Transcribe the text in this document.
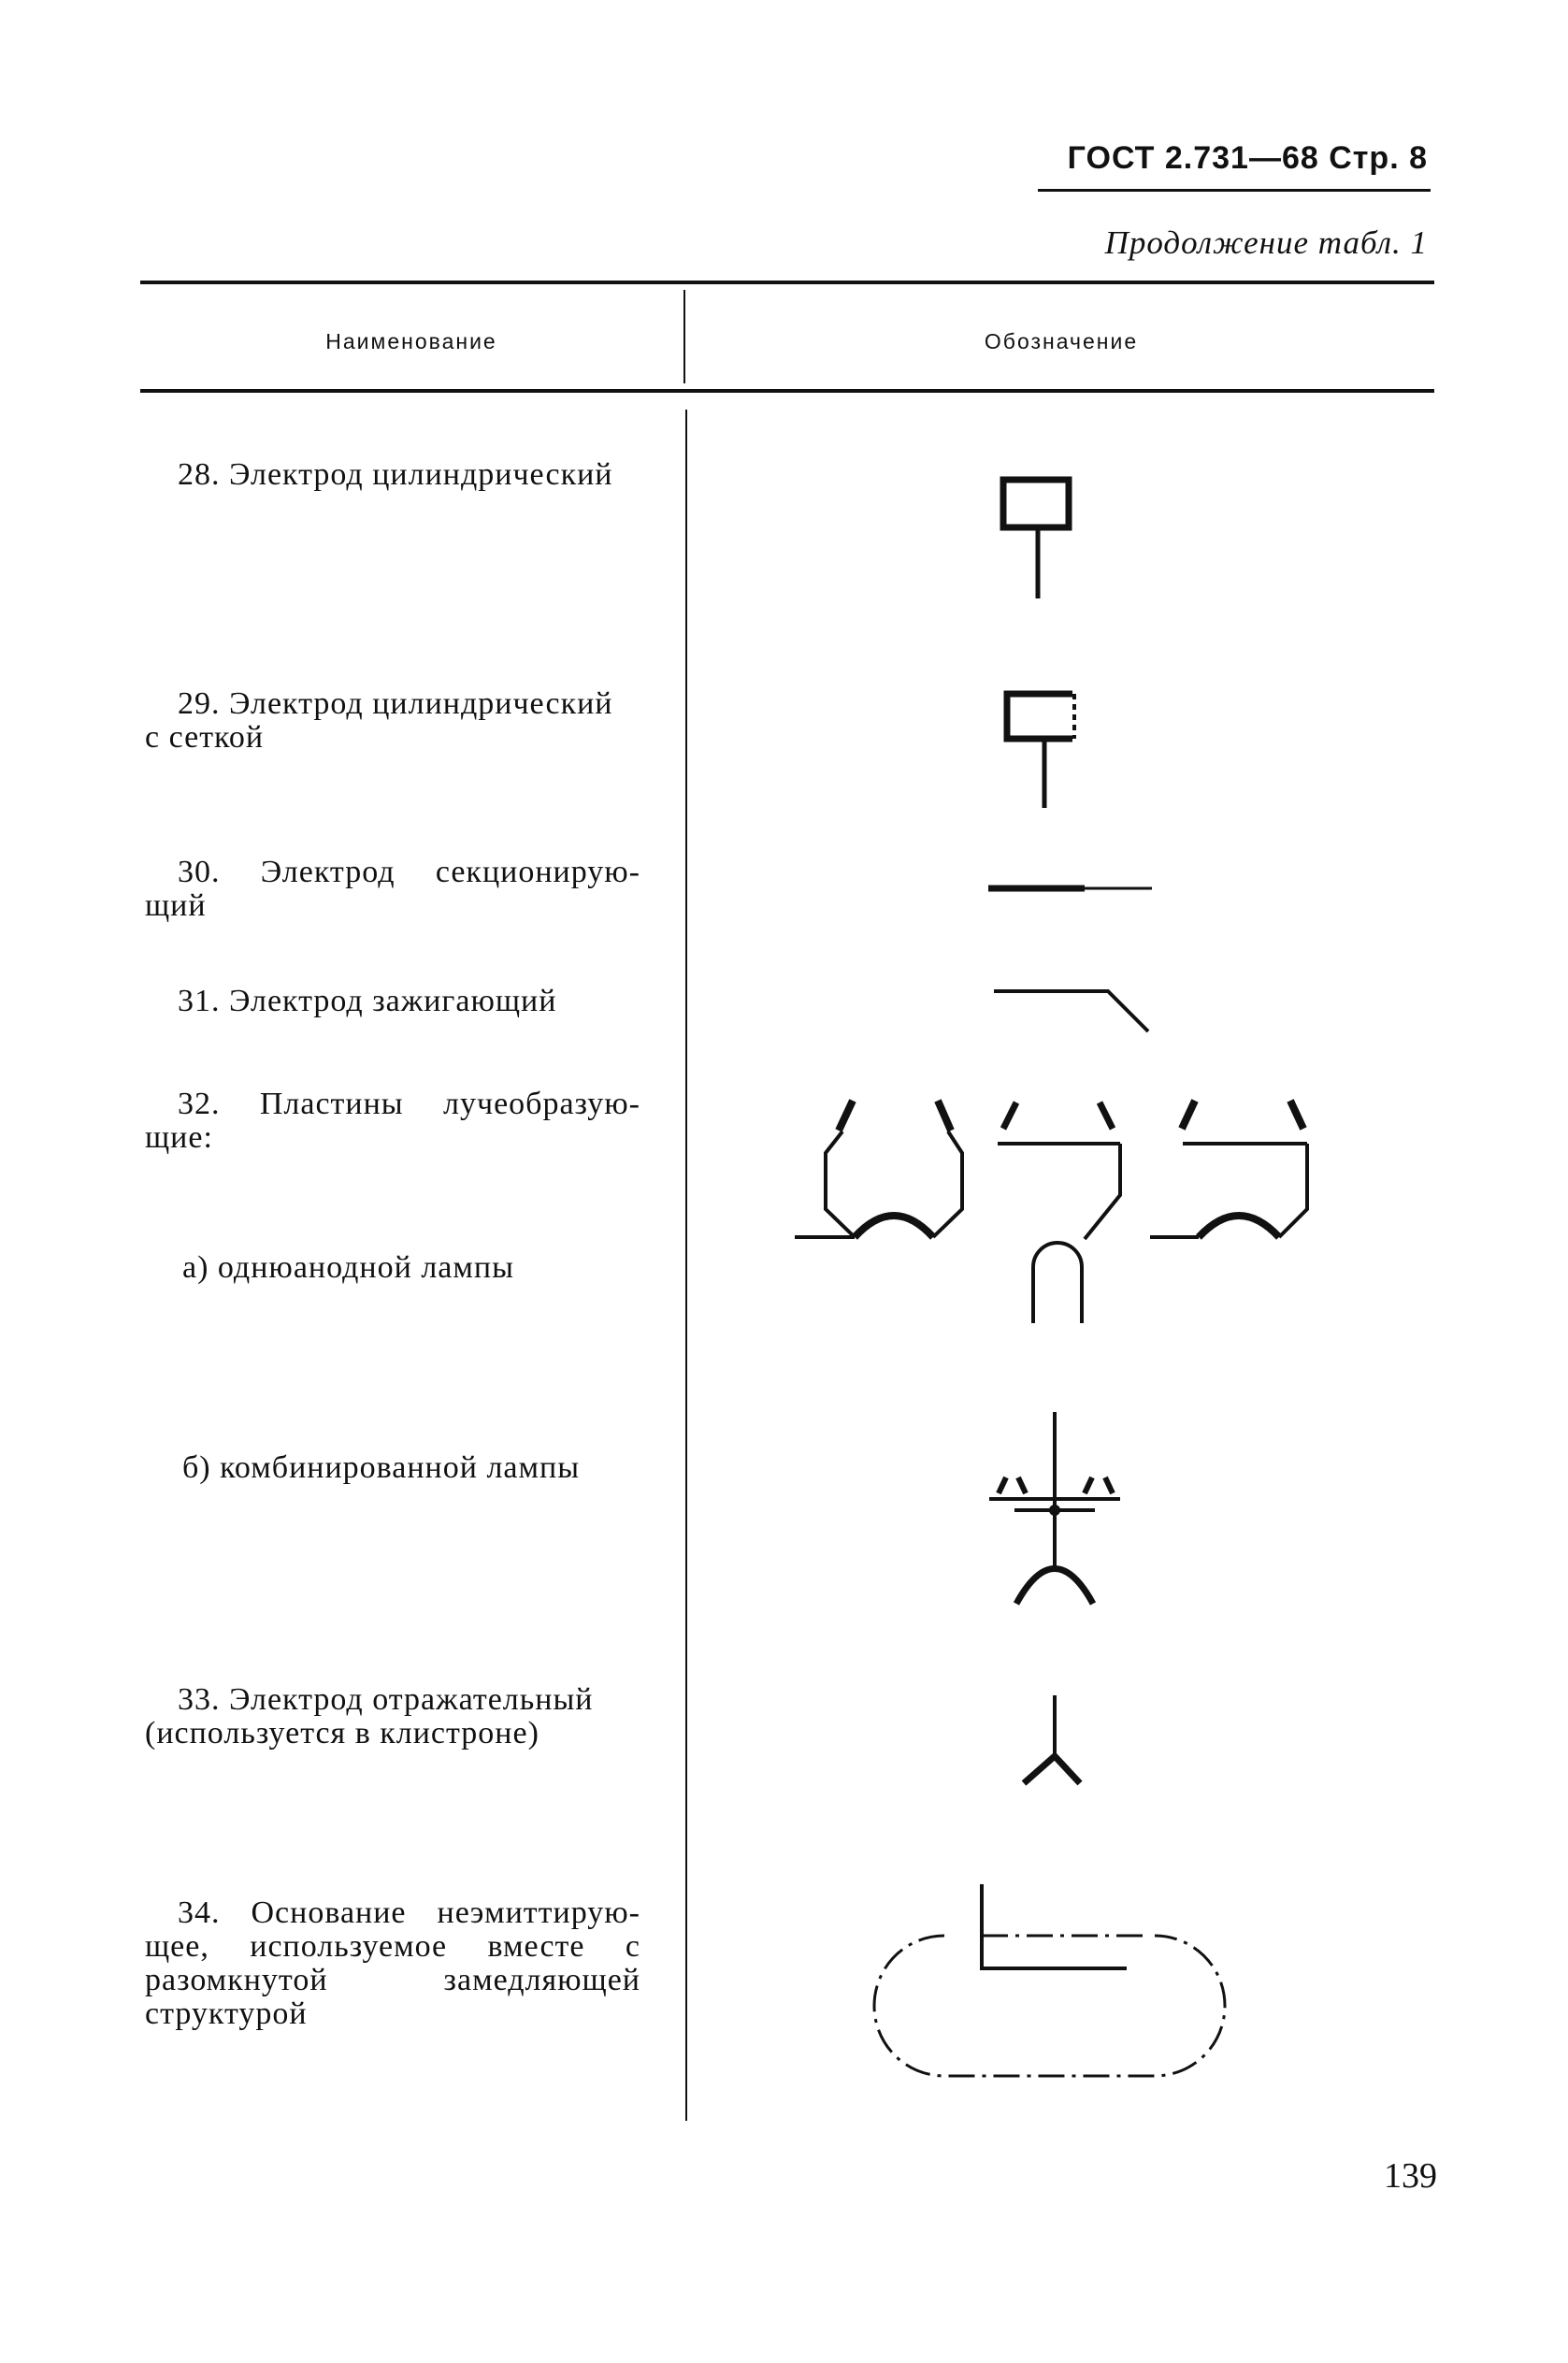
ГОСТ 2.731—68 Стр. 8
Продолжение табл. 1
Наименование	Обозначение
28. Электрод цилиндрический
29. Электрод цилиндрический
с сеткой
30. Электрод секционирую-
щий
31. Электрод зажигающий
32. Пластины лучеобразую-
щие:
а) однюанодной лампы
б) комбинированной лампы
33. Электрод отражательный
(используется в клистроне)
34. Основание неэмиттирую-
щее, используемое вместе с
разомкнутой замедляющей
структурой
139
